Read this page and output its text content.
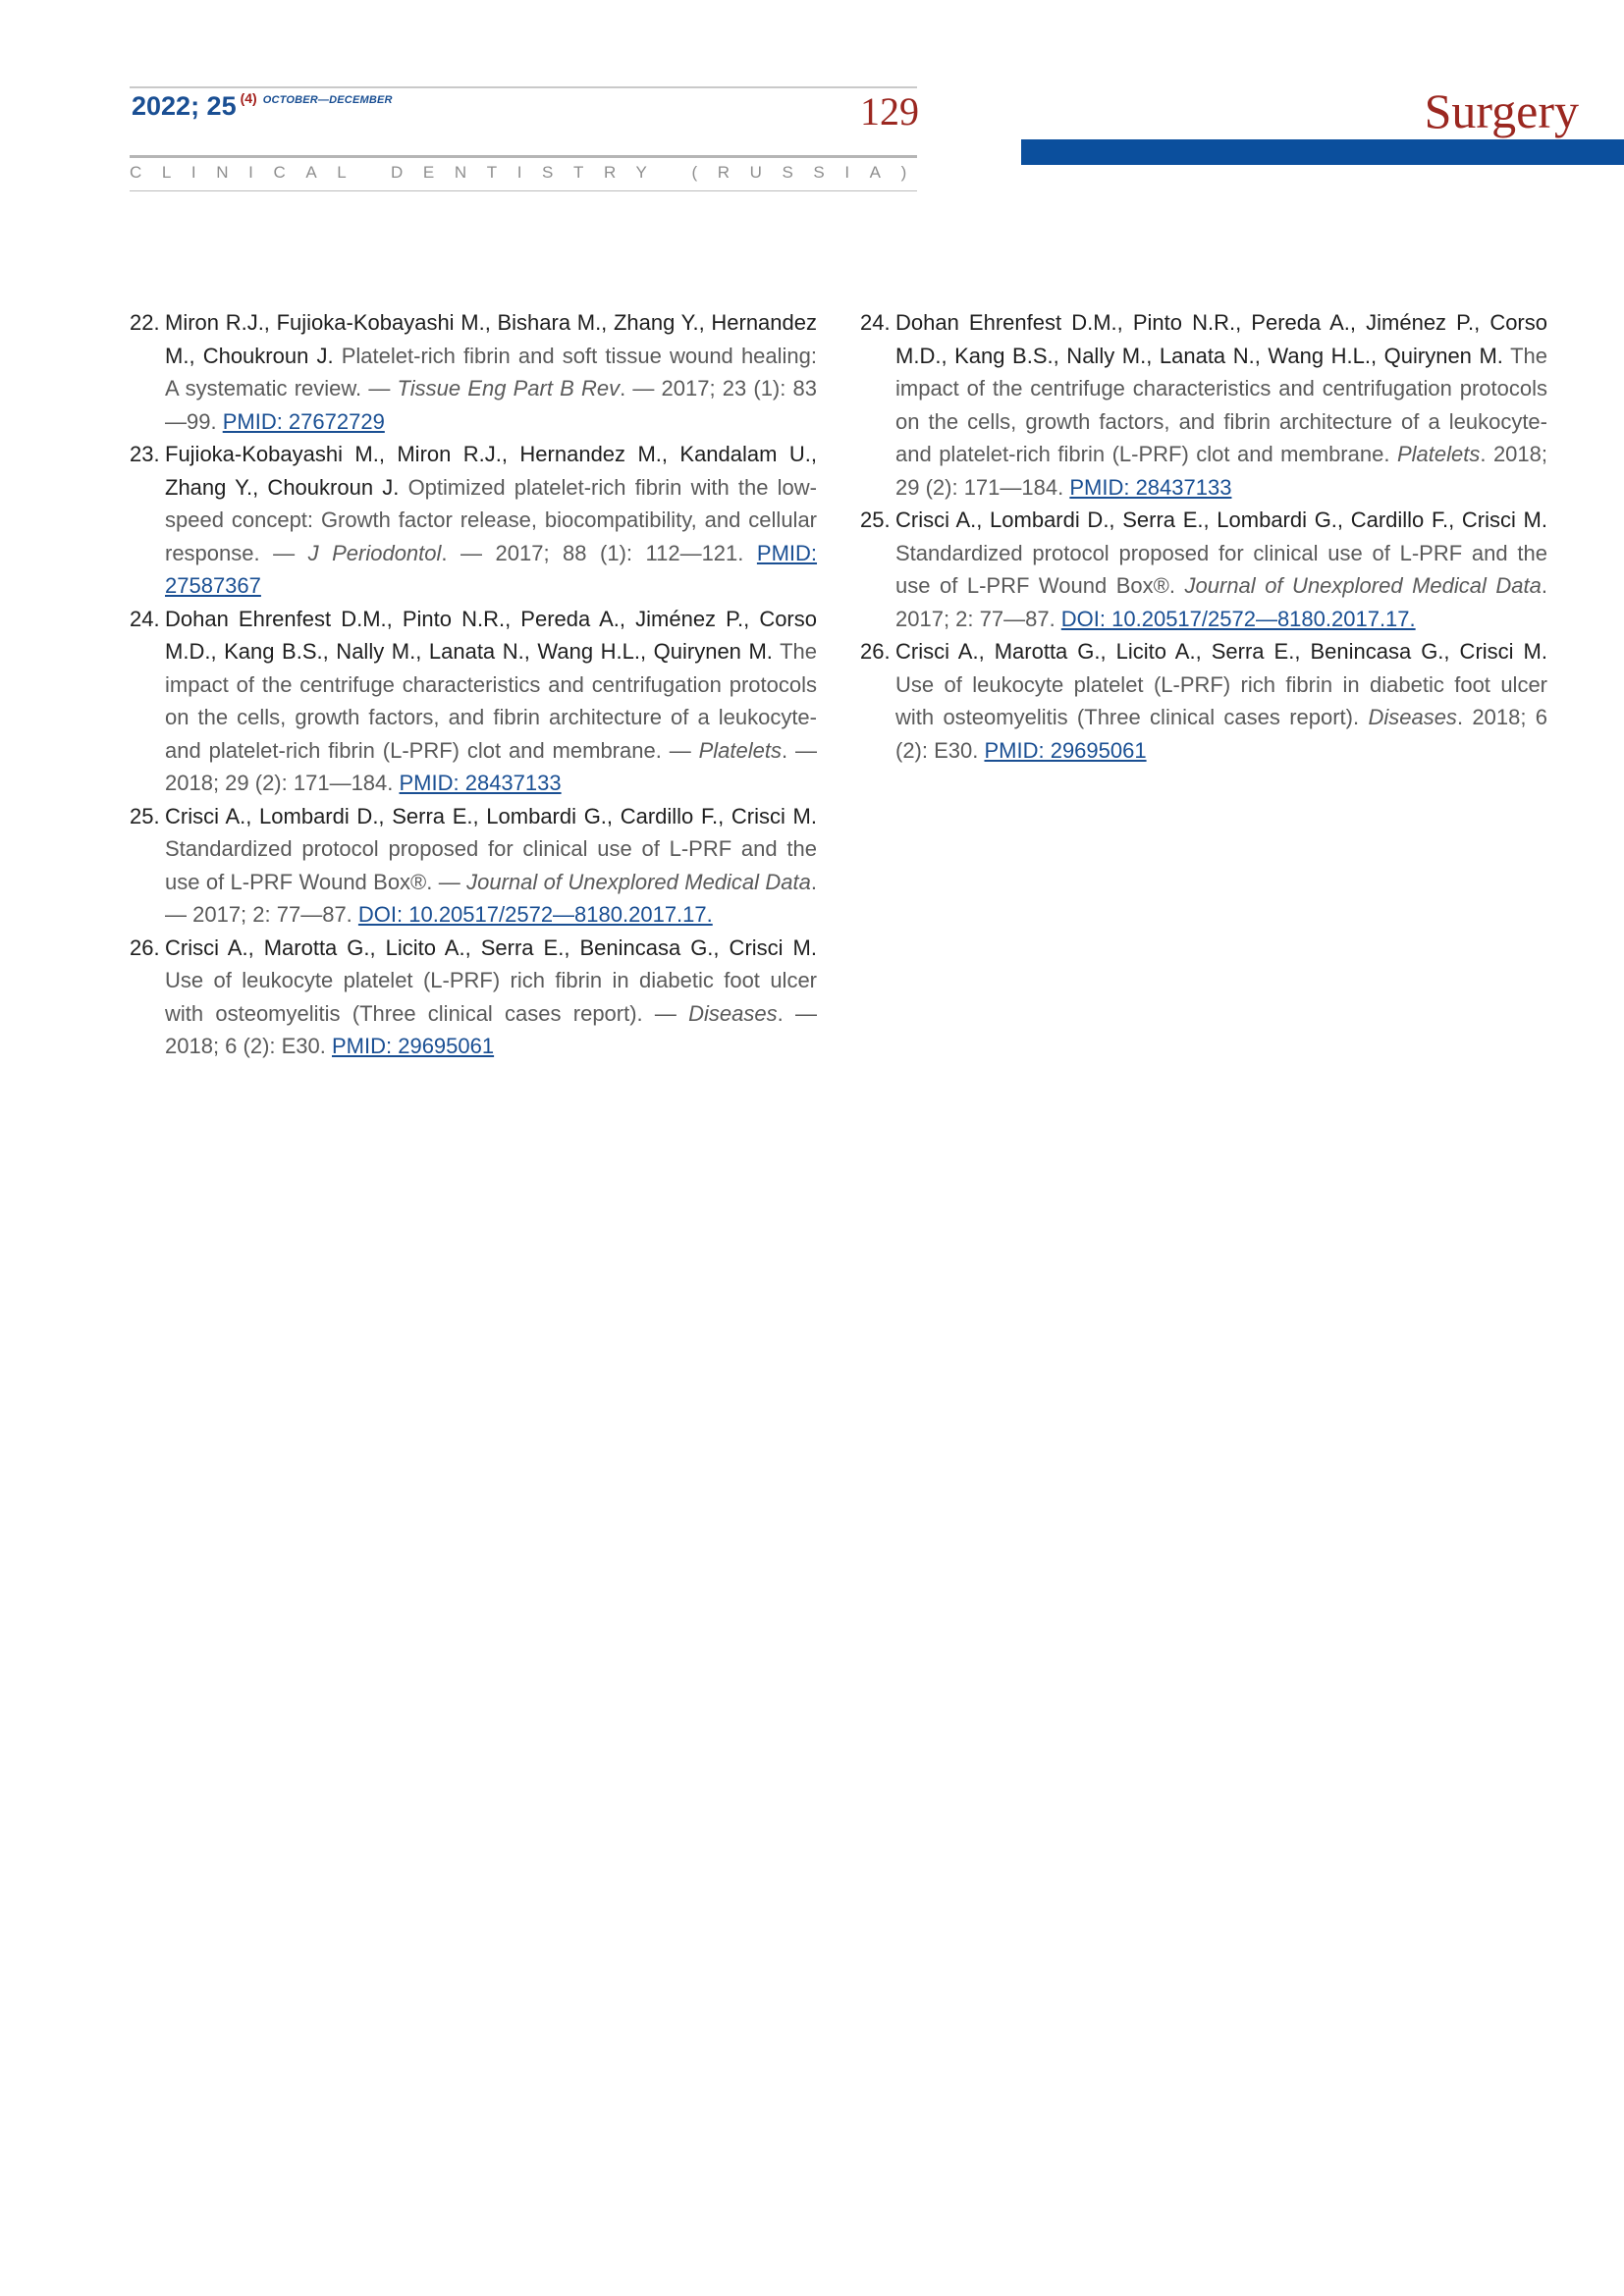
2022; 25 $^{(4)}$ $^{OCTOBER—DECEMBER}$	129
CLINICAL DENTISTRY (RUSSIA)
Surgery
22. Miron R.J., Fujioka-Kobayashi M., Bishara M., Zhang Y., Hernandez M., Choukroun J. Platelet-rich fibrin and soft tissue wound healing: A systematic review. — Tissue Eng Part B Rev. — 2017; 23 (1): 83—99. PMID: 27672729
23. Fujioka-Kobayashi M., Miron R.J., Hernandez M., Kandalam U., Zhang Y., Choukroun J. Optimized platelet-rich fibrin with the low-speed concept: Growth factor release, biocompatibility, and cellular response. — J Periodontol. — 2017; 88 (1): 112—121. PMID: 27587367
24. Dohan Ehrenfest D.M., Pinto N.R., Pereda A., Jiménez P., Corso M.D., Kang B.S., Nally M., Lanata N., Wang H.L., Quirynen M. The impact of the centrifuge characteristics and centrifugation protocols on the cells, growth factors, and fibrin architecture of a leukocyte- and platelet-rich fibrin (L-PRF) clot and membrane. — Platelets. — 2018; 29 (2): 171—184. PMID: 28437133
25. Crisci A., Lombardi D., Serra E., Lombardi G., Cardillo F., Crisci M. Standardized protocol proposed for clinical use of L-PRF and the use of L-PRF Wound Box®. — Journal of Unexplored Medical Data. — 2017; 2: 77—87. DOI: 10.20517/2572—8180.2017.17.
26. Crisci A., Marotta G., Licito A., Serra E., Benincasa G., Crisci M. Use of leukocyte platelet (L-PRF) rich fibrin in diabetic foot ulcer with osteomyelitis (Three clinical cases report). — Diseases. — 2018; 6 (2): E30. PMID: 29695061
24. Dohan Ehrenfest D.M., Pinto N.R., Pereda A., Jiménez P., Corso M.D., Kang B.S., Nally M., Lanata N., Wang H.L., Quirynen M. The impact of the centrifuge characteristics and centrifugation protocols on the cells, growth factors, and fibrin architecture of a leukocyte- and platelet-rich fibrin (L-PRF) clot and membrane. Platelets. 2018; 29 (2): 171—184. PMID: 28437133
25. Crisci A., Lombardi D., Serra E., Lombardi G., Cardillo F., Crisci M. Standardized protocol proposed for clinical use of L-PRF and the use of L-PRF Wound Box®. Journal of Unexplored Medical Data. 2017; 2: 77—87. DOI: 10.20517/2572—8180.2017.17.
26. Crisci A., Marotta G., Licito A., Serra E., Benincasa G., Crisci M. Use of leukocyte platelet (L-PRF) rich fibrin in diabetic foot ulcer with osteomyelitis (Three clinical cases report). Diseases. 2018; 6 (2): E30. PMID: 29695061
